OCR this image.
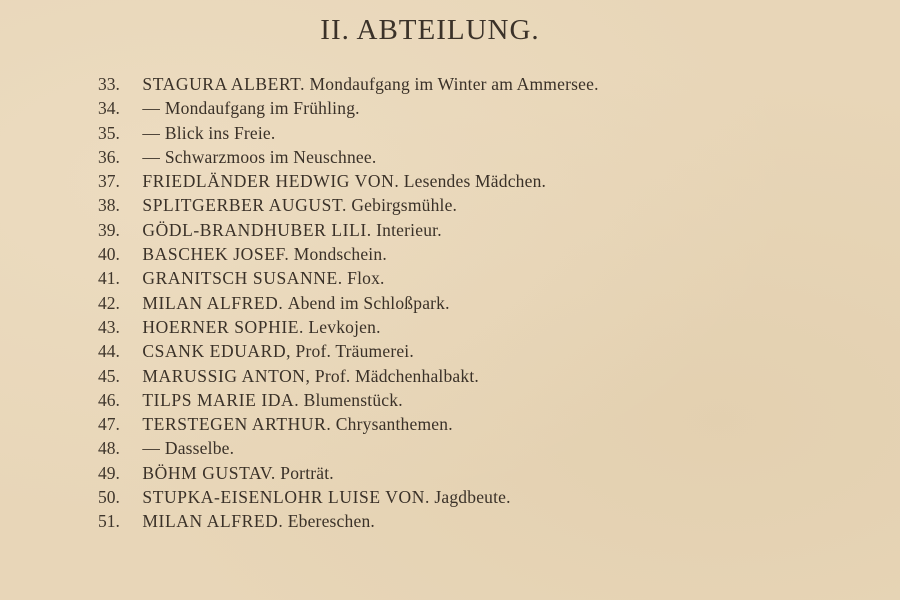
II. ABTEILUNG.
33. STAGURA ALBERT. Mondaufgang im Winter am Ammersee.
34. — Mondaufgang im Frühling.
35. — Blick ins Freie.
36. — Schwarzmoos im Neuschnee.
37. FRIEDLÄNDER HEDWIG VON. Lesendes Mädchen.
38. SPLITGERBER AUGUST. Gebirgsmühle.
39. GÖDL-BRANDHUBER LILI. Interieur.
40. BASCHEK JOSEF. Mondschein.
41. GRANITSCH SUSANNE. Flox.
42. MILAN ALFRED. Abend im Schloßpark.
43. HOERNER SOPHIE. Levkojen.
44. CSANK EDUARD, Prof. Träumerei.
45. MARUSSIG ANTON, Prof. Mädchenhalbakt.
46. TILPS MARIE IDA. Blumenstück.
47. TERSTEGEN ARTHUR. Chrysanthemen.
48. — Dasselbe.
49. BÖHM GUSTAV. Porträt.
50. STUPKA-EISENLOHR LUISE VON. Jagdbeute.
51. MILAN ALFRED. Ebereschen.
